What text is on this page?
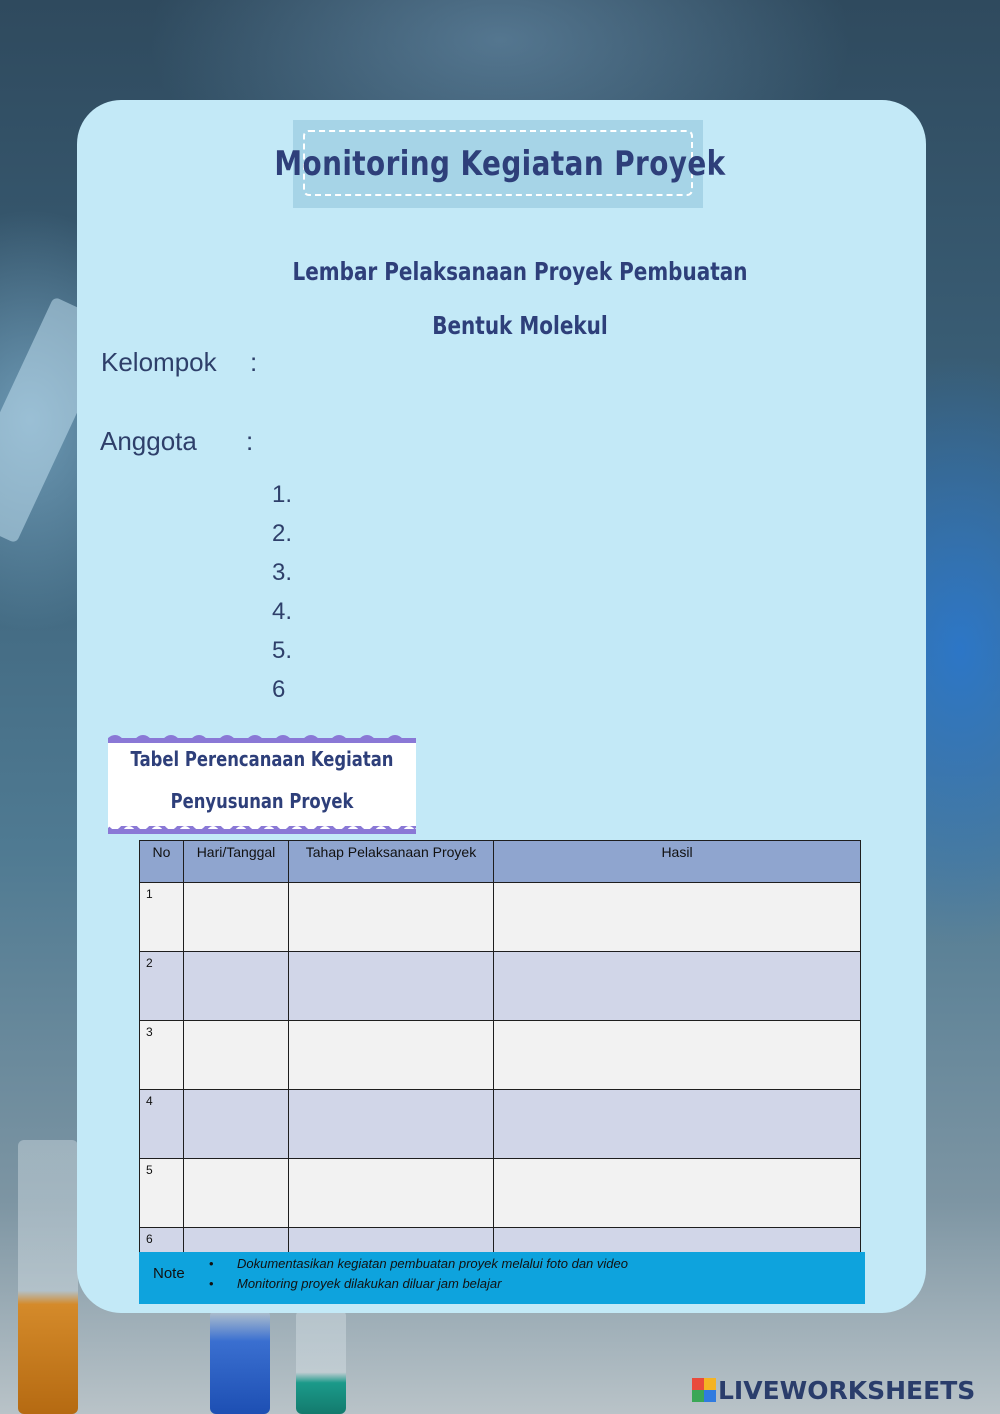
Monitoring Kegiatan Proyek
Lembar Pelaksanaan Proyek Pembuatan
Bentuk Molekul
Kelompok :
Anggota :
1.
2.
3.
4.
5.
6
Tabel Perencanaan Kegiatan
Penyusunan Proyek
No	Hari/Tanggal	Tahap Pelaksanaan Proyek	Hasil
1			
2			
3			
4			
5			
6			
Note
• Dokumentasikan kegiatan pembuatan proyek melalui foto dan video
• Monitoring proyek dilakukan diluar jam belajar
LIVEWORKSHEETS
